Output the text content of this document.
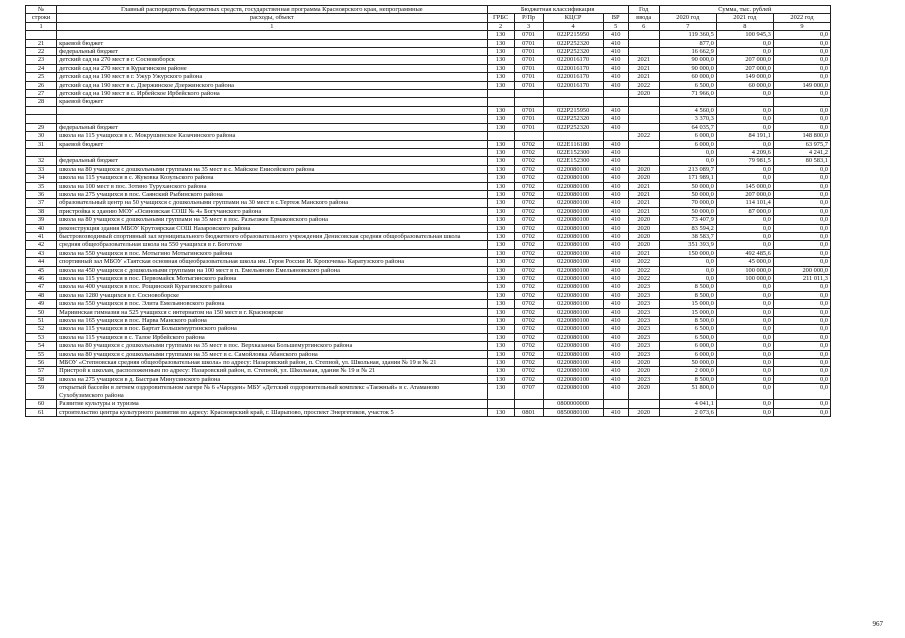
№	Главный распорядитель бюджетных средств, государственная программа Красноярского края, непрограммные	Бюджетная классификация				Год	Сумма, тыс. рублей		
строки	расходы, объект	ГРБС	Р/Пр	КЦСР	ВР	ввода	2020 год	2021 год	2022 год
1	1	2	3	4	5	6	7	8	9
		130	0701	022P215950	410		119 360,5	100 945,3	0,0
21	краевой бюджет	130	0701	022P252320	410		877,0	0,0	0,0
22	федеральный бюджет	130	0701	022P252320	410		16 662,9	0,0	0,0
23	детский сад на 270 мест в г. Сосновоборск	130	0701	0220016170	410	2021	90 000,0	207 000,0	0,0
24	детский сад на 270 мест в Курагинском районе	130	0701	0220016170	410	2021	90 000,0	207 000,0	0,0
25	детский сад на 190 мест в г. Ужур Ужурского района	130	0701	0220016170	410	2021	60 000,0	149 000,0	0,0
26	детский сад на 190 мест в с. Дзержинское Дзержинского района	130	0701	0220016170	410	2022	6 500,0	60 000,0	149 000,0
27	детский сад на 190 мест в с. Ирбейское Ирбейского района					2020	71 966,0	0,0	0,0
28	краевой бюджет								
		130	0701	022P215950	410		4 560,0	0,0	0,0
		130	0701	022P252320	410		3 370,3	0,0	0,0
29	федеральный бюджет	130	0701	022P252320	410		64 035,7	0,0	0,0
30	школа на 115 учащихся в с. Мокрушинское Казачинского района					2022	6 000,0	84 191,1	148 800,0
31	краевой бюджет	130	0702	022E116180	410		6 000,0	0,0	63 975,7
		130	0702	022E152300	410		0,0	4 209,6	4 241,2
32	федеральный бюджет	130	0702	022E152300	410		0,0	79 981,5	80 583,1
33	школа на 80 учащихся с дошкольными группами на 35 мест в с. Майское Енисейского района	130	0702	0220080100	410	2020	213 089,7	0,0	0,0
34	школа на 115 учащихся в с. Жуковка Козульского района	130	0702	0220080100	410	2020	171 989,1	0,0	0,0
35	школа на 100 мест в пос. Зотино Туруханского района	130	0702	0220080100	410	2021	50 000,0	145 000,0	0,0
36	школа на 275 учащихся в пос. Саянский Рыбинского района	130	0702	0220080100	410	2021	50 000,0	207 000,0	0,0
37	образовательный центр на 50 учащихся с дошкольными группами на 30 мест в с.Тертеж Манского района	130	0702	0220080100	410	2021	70 000,0	114 101,4	0,0
38	пристройка к зданию МОУ «Осиновская СОШ № 4» Богучанского района	130	0702	0220080100	410	2021	50 000,0	87 000,0	0,0
39	школа на 80 учащихся с дошкольными группами на 35 мест в пос. Разъезжее Ермаковского района	130	0702	0220080100	410	2020	73 407,9	0,0	0,0
40	реконструкция здания МБОУ Крутоярская СОШ Назаровского района	130	0702	0220080100	410	2020	83 594,2	0,0	0,0
41	быстровозводимый спортивный зал муниципального бюджетного образовательного учреждения Денисовская средняя общеобразовательная школа	130	0702	0220080100	410	2020	38 583,7	0,0	0,0
42	средняя общеобразовательная школа на 550 учащихся в г. Боготоле	130	0702	0220080100	410	2020	351 393,9	0,0	0,0
43	школа на 550 учащихся в пос. Мотыгино Мотыгинского района	130	0702	0220080100	410	2021	150 000,0	492 485,6	0,0
44	спортивный зал МБОУ «Таятская основная общеобразовательная школа им. Героя России И. Кропочева» Каратузского района	130	0702	0220080100	410	2022	0,0	45 000,0	0,0
45	школа на 450 учащихся с дошкольными группами на 100 мест в п. Емельяново Емельяновского района	130	0702	0220080100	410	2022	0,0	100 000,0	200 000,0
46	школа на 115 учащихся в пос. Первомайск Мотыгинского района	130	0702	0220080100	410	2022	0,0	100 000,0	211 011,3
47	школа на 400 учащихся в пос. Рощинский Курагинского района	130	0702	0220080100	410	2023	8 500,0	0,0	0,0
48	школа на 1280 учащихся в г. Сосновоборске	130	0702	0220080100	410	2023	8 500,0	0,0	0,0
49	школа на 550 учащихся в пос. Элита Емельяновского района	130	0702	0220080100	410	2023	15 000,0	0,0	0,0
50	Мариинская гимназия на 525 учащихся с интернатом на 150 мест в г. Красноярске	130	0702	0220080100	410	2023	15 000,0	0,0	0,0
51	школа на 165 учащихся в пос. Нарва Манского района	130	0702	0220080100	410	2023	8 500,0	0,0	0,0
52	школа на 115 учащихся в пос. Бартат Большемуртинского района	130	0702	0220080100	410	2023	6 500,0	0,0	0,0
53	школа на 115 учащихся в с. Талое Ирбейского района	130	0702	0220080100	410	2023	6 500,0	0,0	0,0
54	школа на 80 учащихся с дошкольными группами на 35 мест в пос. Верхказанка Большемуртинского района	130	0702	0220080100	410	2023	6 000,0	0,0	0,0
55	школа на 80 учащихся с дошкольными группами на 35 мест в с. Самойловка Абанского района	130	0702	0220080100	410	2023	6 000,0	0,0	0,0
56	МБОУ «Степновская средняя общеобразовательная школа» по адресу: Назаровский район, п. Степной, ул. Школьная, здания № 19 и № 21	130	0702	0220080100	410	2020	50 000,0	0,0	0,0
57	Пристрой к школам, расположенным по адресу: Назаровский район, п. Степной, ул. Школьная, здания № 19 и № 21	130	0702	0220080100	410	2020	2 000,0	0,0	0,0
58	школа на 275 учащихся в д. Быстрая Минусинского района	130	0702	0220080100	410	2023	8 500,0	0,0	0,0
59	открытый бассейн в летнем оздоровительном лагере № 6 «Чародеи» МБУ «Детский оздоровительный комплекс «Таежный» в с. Атаманово Сухобузимского района	130	0707	0220080100	410	2020	51 800,0	0,0	0,0
60	Развитие культуры и туризма			0800000000			4 041,1	0,0	0,0
61	строительство центра культурного развития по адресу: Красноярский край, г. Шарыпово, проспект Энергетиков, участок 5	130	0801	0850080100	410	2020	2 073,6	0,0	0,0
967
